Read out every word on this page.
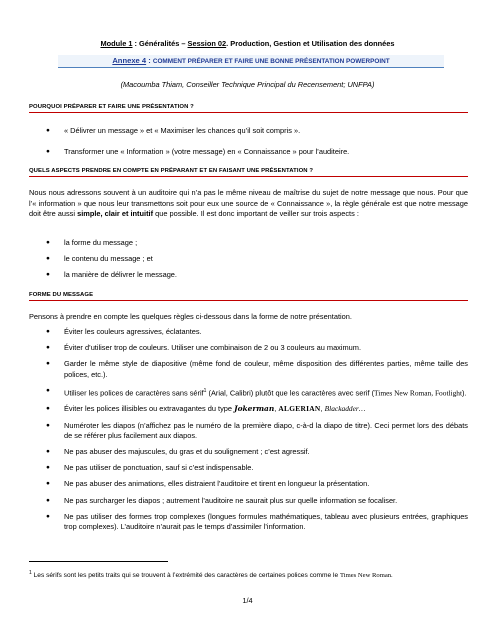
Module 1 : Généralités – Session 02. Production, Gestion et Utilisation des données
Annexe 4 : COMMENT PRÉPARER ET FAIRE UNE BONNE PRÉSENTATION POWERPOINT
(Macoumba Thiam, Conseiller Technique Principal du Recensement; UNFPA)
POURQUOI PRÉPARER ET FAIRE UNE PRÉSENTATION ?
● « Délivrer un message » et « Maximiser les chances qu’il soit compris ».
● Transformer une « Information » (votre message) en « Connaissance » pour l’auditeire.
QUELS ASPECTS PRENDRE EN COMPTE EN PRÉPARANT ET EN FAISANT UNE PRÉSENTATION ?
Nous nous adressons souvent à un auditoire qui n’a pas le même niveau de maîtrise du sujet de notre message que nous. Pour que l’« information » que nous leur transmettons soit pour eux une source de « Connaissance », la règle générale est que notre message doit être aussi simple, clair et intuitif que possible. Il est donc important de veiller sur trois aspects :
● la forme du message ;
● le contenu du message ; et
● la manière de délivrer le message.
FORME DU MESSAGE
Pensons à prendre en compte les quelques règles ci-dessous dans la forme de notre présentation.
● Éviter les couleurs agressives, éclatantes.
● Éviter d’utiliser trop de couleurs. Utiliser une combinaison de 2 ou 3 couleurs au maximum.
● Garder le même style de diapositive (même fond de couleur, même disposition des différentes parties, même taille des polices, etc.).
● Utiliser les polices de caractères sans sérif$^1$ (Arial, Calibri) plutôt que les caractères avec serif (Times New Roman, Footlight).
● Éviter les polices illisibles ou extravagantes du type Jokerman, ALGERIAN, Blackadder…
● Numéroter les diapos (n’affichez pas le numéro de la première diapo, c-à-d la diapo de titre). Ceci permet lors des débats de se référer plus facilement aux diapos.
● Ne pas abuser des majuscules, du gras et du soulignement ; c’est agressif.
● Ne pas utiliser de ponctuation, sauf si c’est indispensable.
● Ne pas abuser des animations, elles distraient l’auditoire et tirent en longueur la présentation.
● Ne pas surcharger les diapos ; autrement l’auditoire ne saurait plus sur quelle information se focaliser.
● Ne pas utiliser des formes trop complexes (longues formules mathématiques, tableau avec plusieurs entrées, graphiques trop complexes). L’auditoire n’aurait pas le temps d’assimiler l’information.
$^1$ Les sérifs sont les petits traits qui se trouvent à l’extrémité des caractères de certaines polices comme le Times New Roman.
1/4
